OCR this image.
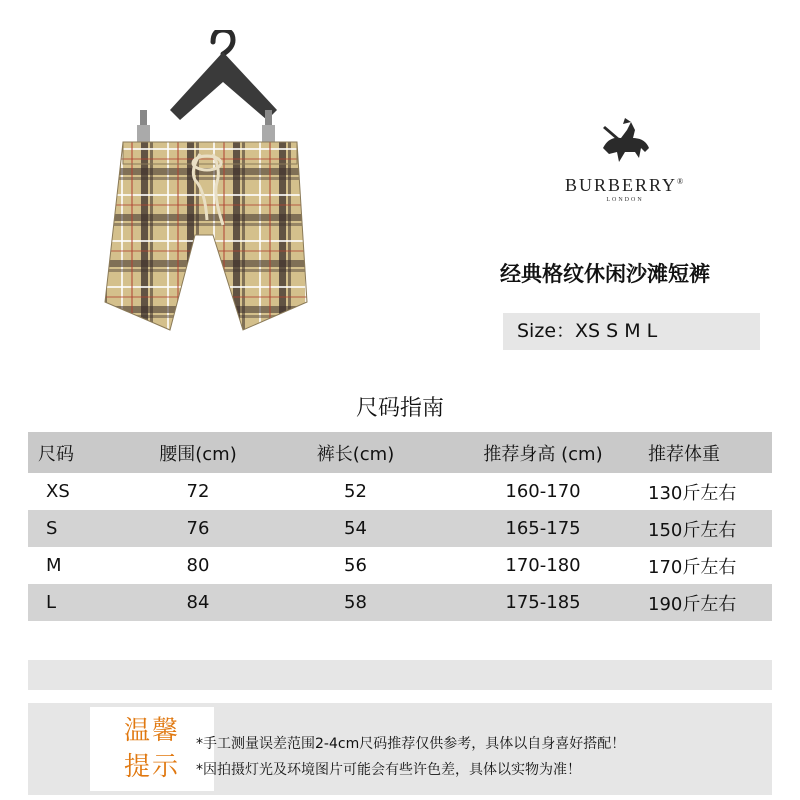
BURBERRY®
LONDON
经典格纹休闲沙滩短裤
Size：XS S M L
尺码指南
尺码	腰围(cm)	裤长(cm)	推荐身高 (cm)	推荐体重
XS	72	52	160-170	130斤左右
S	76	54	165-175	150斤左右
M	80	56	170-180	170斤左右
L	84	58	175-185	190斤左右
温馨
提示
*手工测量误差范围2-4cm尺码推荐仅供参考，具体以自身喜好搭配！
*因拍摄灯光及环境图片可能会有些许色差，具体以实物为准！
